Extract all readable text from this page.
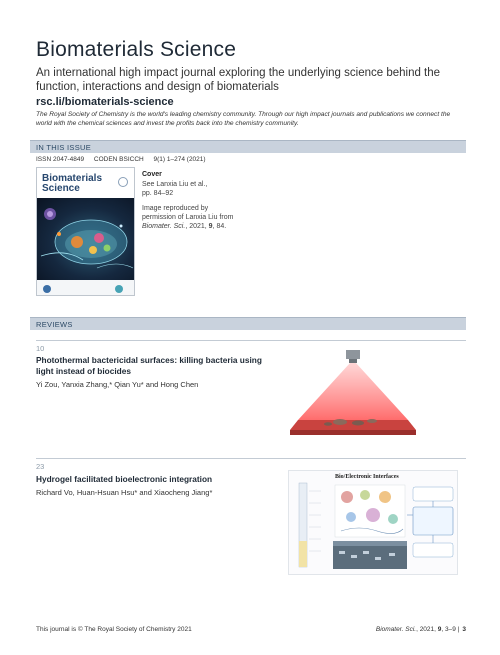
Biomaterials Science
An international high impact journal exploring the underlying science behind the function, interactions and design of biomaterials
rsc.li/biomaterials-science
The Royal Society of Chemistry is the world's leading chemistry community. Through our high impact journals and publications we connect the world with the chemical sciences and invest the profits back into the chemistry community.
IN THIS ISSUE
ISSN 2047-4849 CODEN BSICCH 9(1) 1–274 (2021)
Biomaterials
Science
Cover
See Lanxia Liu et al.,
pp. 84–92
Image reproduced by
permission of Lanxia Liu from
Biomater. Sci., 2021, 9, 84.
REVIEWS
10
Photothermal bactericidal surfaces: killing bacteria using light instead of biocides
Yi Zou, Yanxia Zhang,* Qian Yu* and Hong Chen
23
Hydrogel facilitated bioelectronic integration
Richard Vo, Huan-Hsuan Hsu* and Xiaocheng Jiang*
Bio/Electronic Interfaces
This journal is © The Royal Society of Chemistry 2021	Biomater. Sci., 2021, 9, 3–9 | 3
